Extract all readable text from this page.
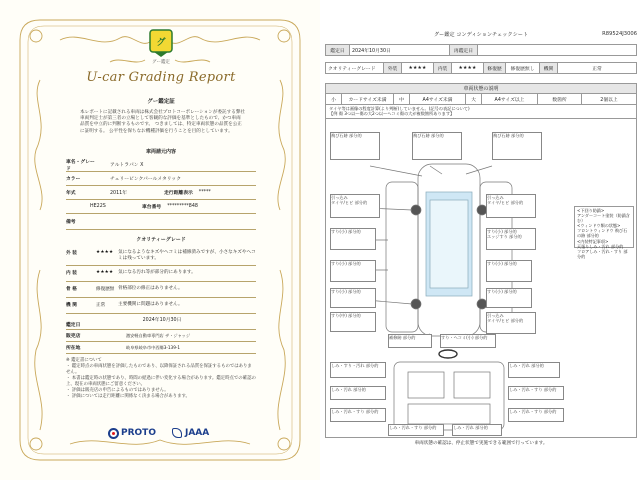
グ
グー鑑定
U-car Grading Report
グー鑑定証
本レポートに記載される車両は株式会社プロトコーポレーションが委託する弊社車両判定士が第三者の立場として客観的な評価を基準としたもので、かつ車両品質を中立的に判断するものです。 つきましては、特定車両状態の品質を公正に証明する。 公平性を保ちなお機種評価を行うことを目的としています。
車両請元内容
車名・グレード
アルトラパン X
カラー	チェリーピンクパールメタリック
年式	2011年	走行距離表示 *****
HE22S	車台番号 *********848
備考
クオリティーグレード
外 装	★★★★	気になるようなキズやヘコミは補修済みですが、小さなキズやヘコミは残っています。
内 装	★★★★	気になる汚れ等が部分的にあります。
骨 格	修復歴無 骨格部位の修正はありません。
機 関	正常	主要機関に問題はありません。
2024年10月30日
鑑定日
販売店	激安軽自動車専門店 ザ・ジャッジ
所在地	岐阜県岐阜市中西郷3-139-1
※ 鑑定書について
・ 鑑定時点の車両状態を評価したものであり、以降保証される品質を保証するものではありません。
・ 本書は鑑定時の状態であり、時間の経過に伴い変化する場合があります。鑑定時点での確認の上、現在の車両状態にご留意ください。
・ 評価は販売店の申告によるものではありません。
・ 評価については走行距離に関係なく決まる場合があります。
PROTO	JAAA
グー鑑定 コンディションチェックシート	R89524J3006
鑑定日	2024年10月30日	再鑑定日	
クオリティーグレード	外装	★★★★	内装	★★★★	修復歴	修復歴無し	機関	正常
車両状態の説明
小	カードサイズ未満	中	A4サイズ未満	大	A4サイズ以上	数箇所	2個以上
タイヤ等は画像の程度計算(より判断)していません。(記号の表記について)
【例 傷 3つ以～傷の大2つ以～ヘコミ傷の大が複数箇所あります】
飛び石跡 部分的	飛び石跡 部分的	飛び石跡 部分的
引っ込み
タイヤ/ヒビ 部分的
引っ込み
タイヤ/ヒビ 部分的
すり(小) 部分的	すり(小) 部分的
エッジすり 部分的
すり(小) 部分的	すり(小) 部分的
すり(小) 部分的	すり(小) 部分的
すり(中) 部分的	引っ込み
タイヤ/ヒビ 部分的
補修跡 部分的	すり・ヘコミ(小) 部分的
しみ・すり・汚れ 部分的	しみ・汚れ 部分的
しみ・汚れ 部分的	しみ・汚れ・すり 部分的
しみ・汚れ・すり 部分的	しみ・汚れ・すり 部分的
しみ・汚れ・すり 部分的	しみ・汚れ 部分的
<下回り防錆>
アンダーコート塗装（防錆含む）
<ウィンドウ類の状態>
フロントウィンドウ 飛び石の跡 部分的
<内装特記事項>
天張りしみ・汚れ 部分的
フロアしみ・汚れ・すり 部分的
車両状態の確認は、停止状態で実施できる範囲で行っています。
